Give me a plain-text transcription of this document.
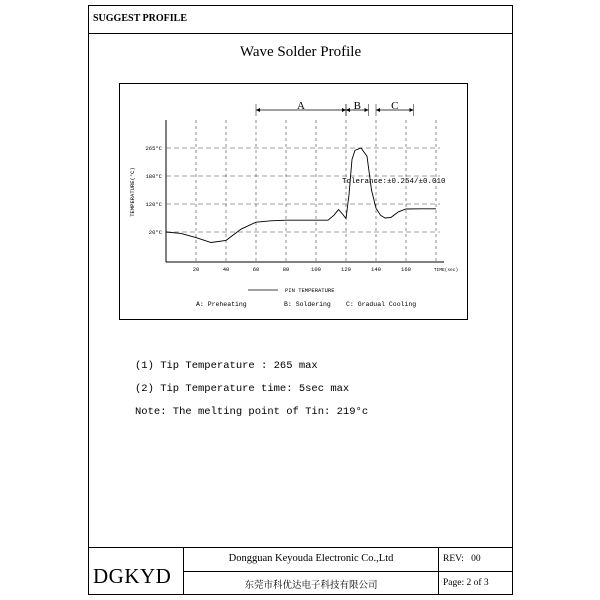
SUGGEST PROFILE
Wave Solder Profile
20	40	60	80	100	120	140	160
20°C
120°C
180°C
265°C
TEMPERATURE(°C)
TIME(sec)
A	B	C
Tolerance:±0.254/±0.010
PIN TEMPERATURE
A: Preheating	B: Soldering C: Gradual Cooling
(1) Tip Temperature : 265 max
(2) Tip Temperature time: 5sec max
Note: The melting point of Tin: 219°c
DGKYD
Dongguan Keyouda Electronic Co.,Ltd
东莞市科优达电子科技有限公司
REV: 00
Page: 2 of 3
